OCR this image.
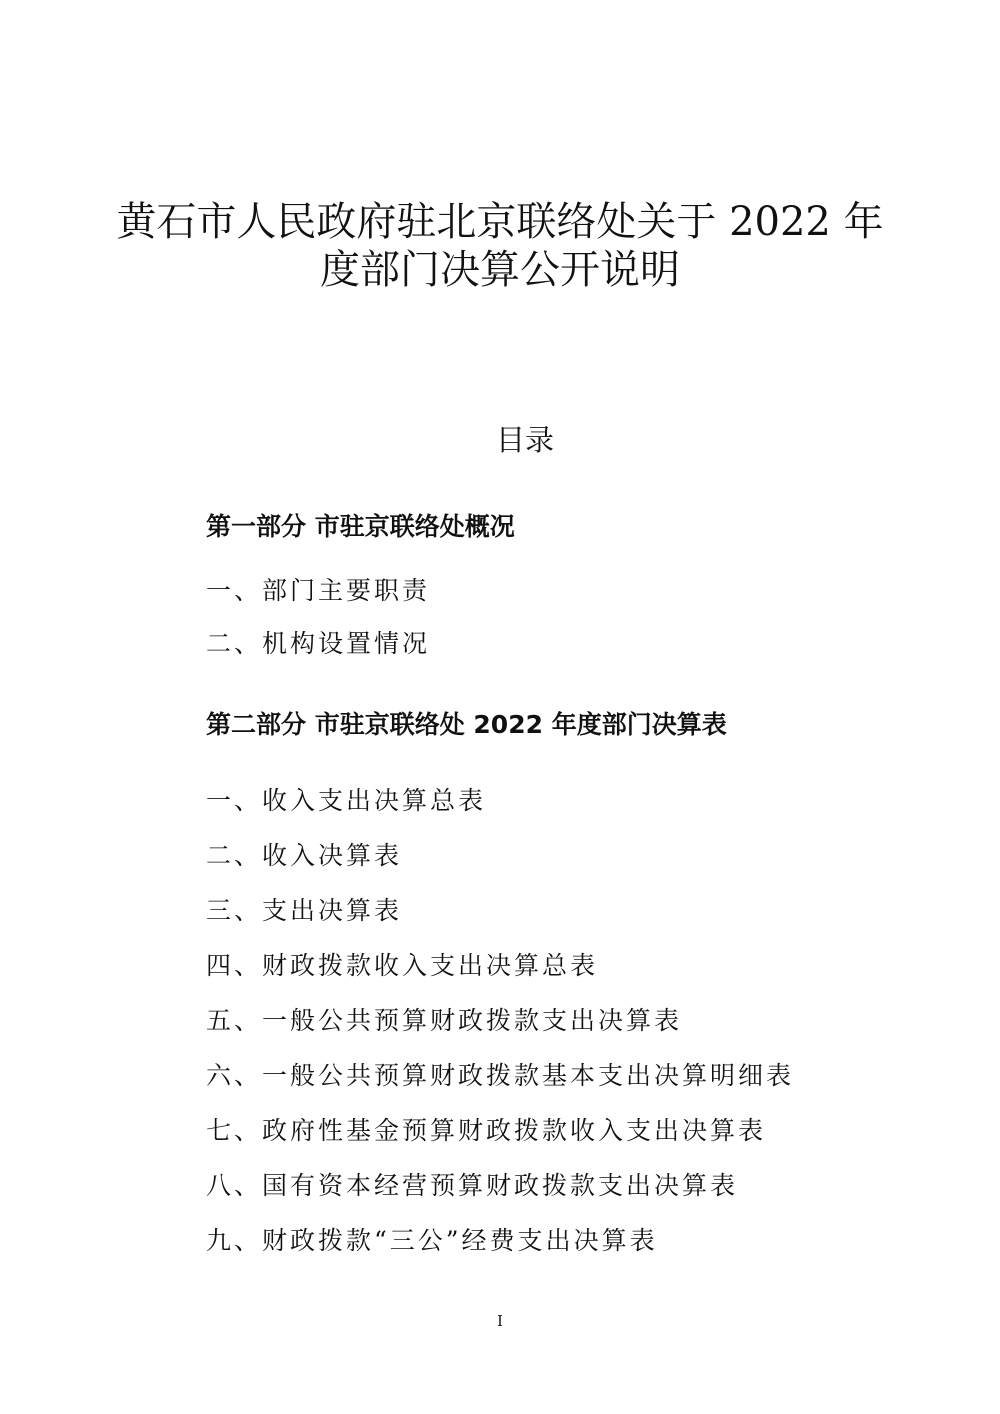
黄石市人民政府驻北京联络处关于 2022 年
度部门决算公开说明
目录
第一部分 市驻京联络处概况

一、部门主要职责

二、机构设置情况

第二部分 市驻京联络处 2022 年度部门决算表

一、收入支出决算总表

二、收入决算表

三、支出决算表

四、财政拨款收入支出决算总表

五、一般公共预算财政拨款支出决算表

六、一般公共预算财政拨款基本支出决算明细表

七、政府性基金预算财政拨款收入支出决算表

八、国有资本经营预算财政拨款支出决算表

九、财政拨款“三公”经费支出决算表

I
